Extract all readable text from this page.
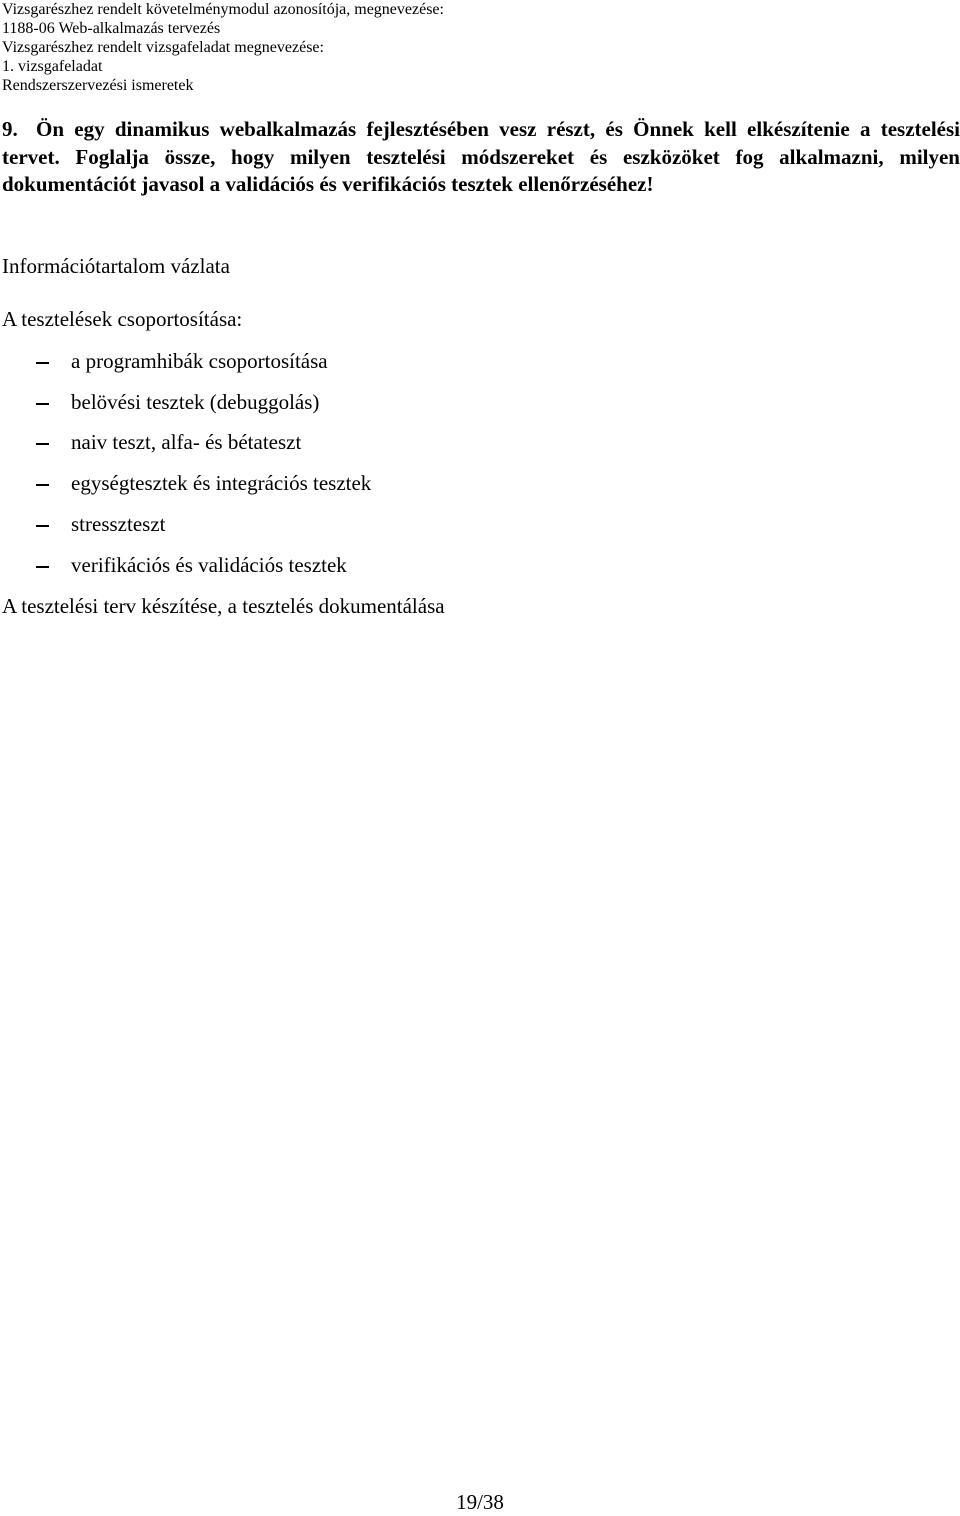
Vizsgarészhez rendelt követelménymodul azonosítója, megnevezése:
1188-06 Web-alkalmazás tervezés
Vizsgarészhez rendelt vizsgafeladat megnevezése:
1. vizsgafeladat
Rendszerszervezési ismeretek
9. Ön egy dinamikus webalkalmazás fejlesztésében vesz részt, és Önnek kell elkészítenie a tesztelési tervet. Foglalja össze, hogy milyen tesztelési módszereket és eszközöket fog alkalmazni, milyen dokumentációt javasol a validációs és verifikációs tesztek ellenőrzéséhez!
Információtartalom vázlata
A tesztelések csoportosítása:
a programhibák csoportosítása
belövési tesztek (debuggolás)
naiv teszt, alfa- és bétateszt
egységtesztek és integrációs tesztek
stresszteszt
verifikációs és validációs tesztek
A tesztelési terv készítése, a tesztelés dokumentálása
19/38
